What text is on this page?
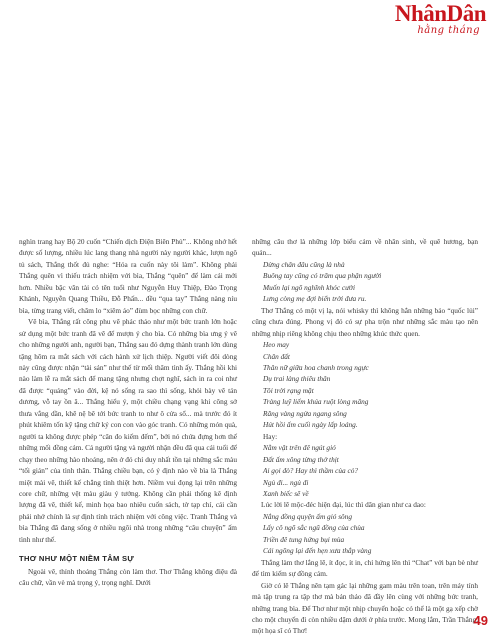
NhânDân
hằng tháng

nghìn trang hay Bộ 20 cuốn “Chiến dịch Điện Biên Phủ”... Không nhớ hết được số lượng, nhiều lúc lang thang nhà người này người khác, lượn ngõ tủ sách, Thắng thốt đủ nghe: “Hóa ra cuốn này tôi làm”. Không phải Thắng quên vì thiếu trách nhiệm với bìa, Thắng “quên” để làm cái mới hơn. Nhiều bậc văn tài có tên tuổi như Nguyễn Huy Thiệp, Đào Trọng Khánh, Nguyễn Quang Thiều, Đỗ Phấn... đều “qua tay” Thắng nàng níu bìa, từng trang viết, chăm lo “xiêm áo” đùm bọc những con chữ.

Vẽ bìa, Thắng rất công phu vẽ phác thảo như một bức tranh lớn hoặc sử dụng một bức tranh đã vẽ để mượn ý cho bìa. Có những bìa ưng ý vẽ cho những người anh, người bạn, Thắng sau đó dựng thành tranh lớn dùng tặng hôm ra mắt sách với cách hành xử lịch thiệp. Người viết đôi dòng này cũng được nhận “tài sản” như thế từ mối thâm tình ấy. Thắng hồi khi nào làm lễ ra mắt sách để mang tặng nhưng chợt nghĩ, sách in ra coi như đã được “quảng” vào đời, kệ nó sống ra sao thì sống, khỏi bày vẽ tán dương, vỗ tay ồn ã... Thắng hiểu ý, một chiều chạng vạng khi công sở thưa vắng dần, khẽ nệ bê tới bức tranh to như ô cửa sổ... mà trước đó ít phút khiêm tốn kỹ tặng chữ ký con con vào góc tranh. Có những món quà, người ta không được phép “cân đo kiếm đếm”, bởi nó chứa đựng hơn thế những mối đồng cảm. Cả người tặng và người nhận đều đã qua cái tuổi để chạy theo những hào nhoáng, nên ở đó chỉ duy nhất tồn tại những sắc màu “tối giản” của tình thân. Thắng chiều bạn, có ý định nào về bìa là Thắng miệt mài vẽ, thiết kế chẳng tính thiệt hơn. Niềm vui đọng lại trên những core chữ, những vệt màu giàu ý tưởng. Không cần phải thống kê định lượng đã vẽ, thiết kế, minh họa bao nhiêu cuốn sách, tờ tạp chí, cái cần phải nhớ chính là sự định tính trách nhiệm với công việc. Tranh Thắng và bìa Thắng đã đang sống ở nhiều ngôi nhà trong những “câu chuyện” ấm tình như thế.

THƠ NHƯ MỘT NIỀM TÂM SỰ

Ngoài vẽ, thỉnh thoảng Thắng còn làm thơ. Thơ Thắng không điệu đà câu chữ, vần vè mà trọng ý, trọng nghĩ. Dưới

những câu thơ là những lớp biểu cảm về nhân sinh, về quê hương, bạn quán...

Dừng chân đâu cũng là nhà

Buông tay cũng có trăm qua phận người

Muốn lại ngõ nghĩnh khóc cười

Lưng còng mẹ đợi biển trời đưa ru.

Thơ Thắng có một vị lạ, nói whisky thì không hẳn những bảo “quốc lủi” cũng chưa đúng. Phong vị đó có sự pha trộn như những sắc màu tạo nên những nhịp riêng không chịu theo những khúc thức quen.

Heo may

Chân đất

Thân nữ giữa hoa chanh trong ngực

Dụ trai làng thiêu thân

Tôi trời rạng mặt

Tràng luỹ liếm khúa ruột lòng mãng

Răng vàng ngửa ngang sông

Hút hồi ấm cuối ngày lấp loáng.

Hay:

Nằm vật trên đê ngút gió

Đất ấm xông từng thớ thịt

Ai gọi đò? Hay thì thầm của cỏ?

Ngủ đi... ngủ đi

Xanh biếc sẽ về

Lúc lời lẽ mộc-đéc hiện đại, lúc thì dân gian như ca dao:

Nắng đồng quyện ấm gió sông

Lấy cô ngõ sắc ngũ đồng của chùa

Triền đê tung hứng bụi mùa

Cái ngõng lại đến hẹn xưa thắp vàng

Thắng làm thơ lắng lẽ, ít đọc, ít in, chỉ hứng lên thì “Chat” với bạn bè như để tìm kiếm sự đồng cảm.

Giờ có lẽ Thắng nên tạm gác lại những gam màu trên toan, trên máy tính mà tập trung ra tập thơ mà bản thảo đã đầy lên cùng với những bức tranh, những trang bìa. Để Thơ như một nhịp chuyển hoặc có thể là một gạ xếp chờ cho một chuyến đi còn nhiều dặm dưới ở phía trước. Mong lắm, Trần Thắng, một họa sĩ có Thơ!

49
